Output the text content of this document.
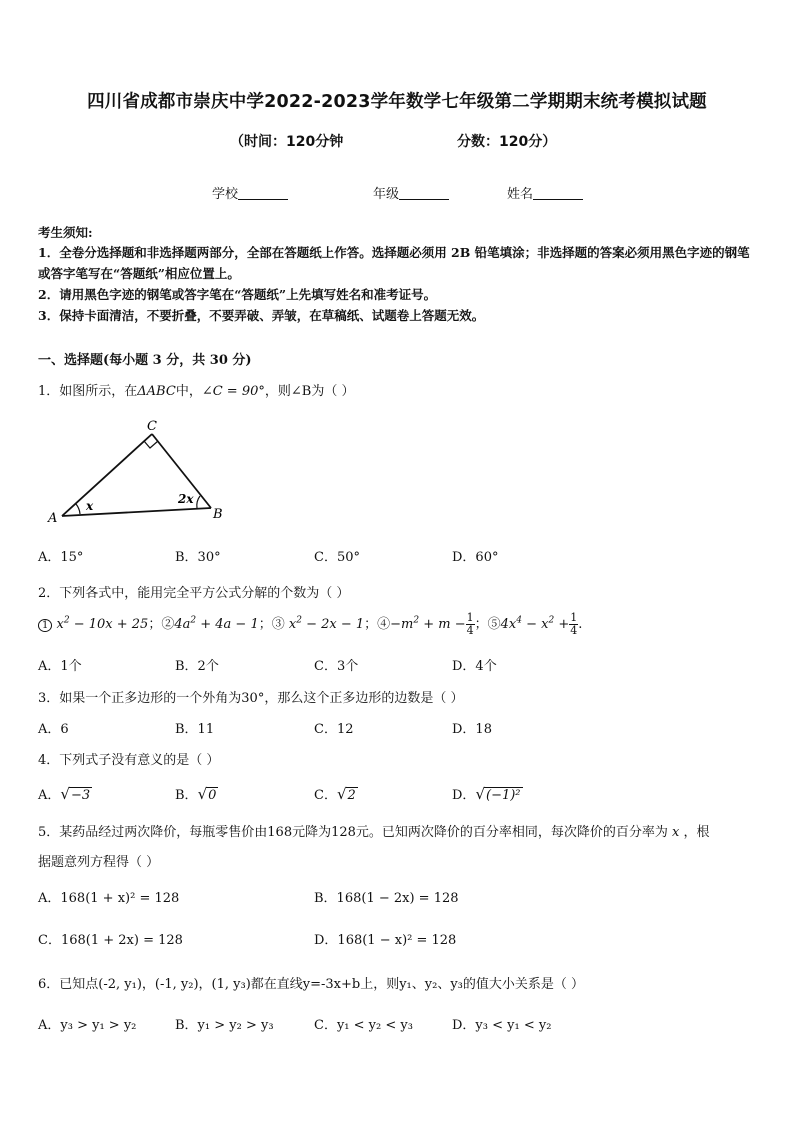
四川省成都市崇庆中学2022-2023学年数学七年级第二学期期末统考模拟试题
（时间：120分钟	分数：120分）
学校	年级	姓名
考生须知:
1．全卷分选择题和非选择题两部分，全部在答题纸上作答。选择题必须用 2B 铅笔填涂；非选择题的答案必须用黑色字迹的钢笔或答字笔写在“答题纸”相应位置上。
2．请用黑色字迹的钢笔或答字笔在“答题纸”上先填写姓名和准考证号。
3．保持卡面清洁，不要折叠，不要弄破、弄皱，在草稿纸、试题卷上答题无效。
一、选择题(每小题 3 分，共 30 分)
1．如图所示，在ΔABC中，∠C = 90°，则∠B为（ ）
A
C
B
x	2x
A．15°	B．30°	C．50°	D．60°
2．下列各式中，能用完全平方公式分解的个数为（ ）
1 $x^2 - 10x + 25$；$②4a^2 + 4a - 1$；③ $x^2 - 2x - 1$；$④-m^2 + m - \frac{1}{4}$ ；$⑤4x^4 - x^2 + \frac{1}{4}$ .
A．1个	B．2个	C．3个	D．4个
3．如果一个正多边形的一个外角为30°，那么这个正多边形的边数是（ ）
A．6	B．11	C．12	D．18
4．下列式子没有意义的是（ ）
A．√−3	B．√0	C．√2	D．√(−1)²
5．某药品经过两次降价，每瓶零售价由168元降为128元。已知两次降价的百分率相同，每次降价的百分率为 x ，根
据题意列方程得（ ）
A．168(1 + x)² = 128	B．168(1 − 2x) = 128
C．168(1 + 2x) = 128	D．168(1 − x)² = 128
6．已知点(-2, y₁)，(-1, y₂)，(1, y₃)都在直线y=-3x+b上，则y₁、y₂、y₃的值大小关系是（ ）
A．y₃ > y₁ > y₂	B．y₁ > y₂ > y₃	C．y₁ < y₂ < y₃	D．y₃ < y₁ < y₂
